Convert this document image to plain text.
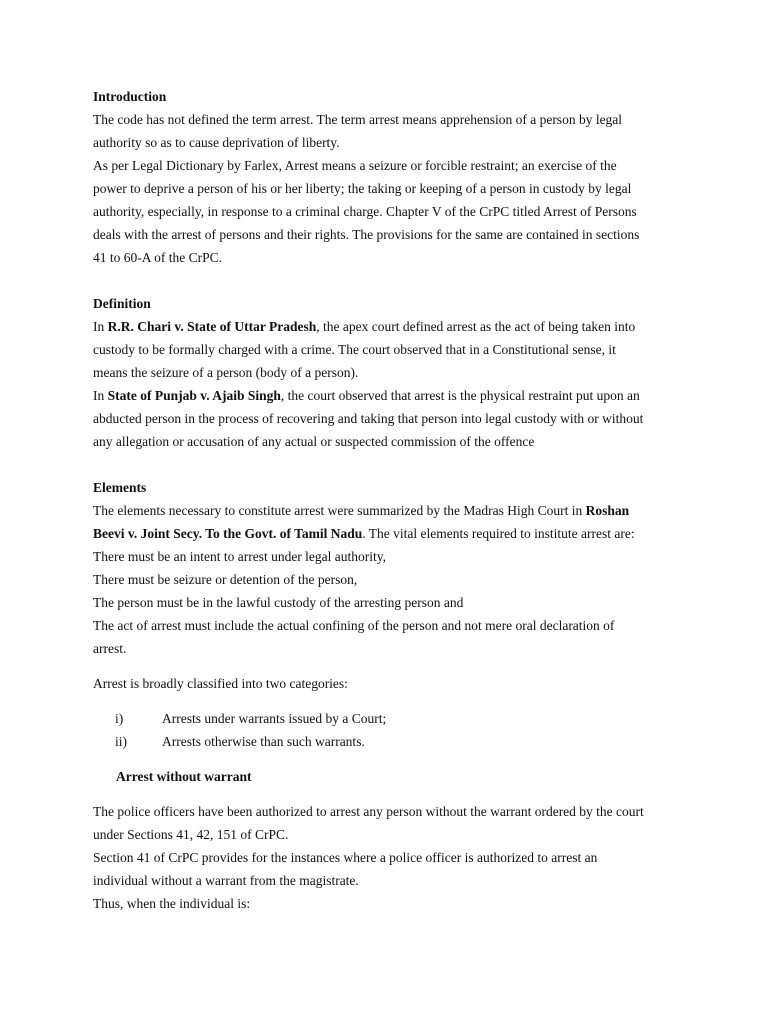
Introduction
The code has not defined the term arrest. The term arrest means apprehension of a person by legal
authority so as to cause deprivation of liberty.
As per Legal Dictionary by Farlex, Arrest means a seizure or forcible restraint; an exercise of the
power to deprive a person of his or her liberty; the taking or keeping of a person in custody by legal
authority, especially, in response to a criminal charge. Chapter V of the CrPC titled Arrest of Persons
deals with the arrest of persons and their rights. The provisions for the same are contained in sections
41 to 60-A of the CrPC.
Definition
In R.R. Chari v. State of Uttar Pradesh, the apex court defined arrest as the act of being taken into
custody to be formally charged with a crime. The court observed that in a Constitutional sense, it
means the seizure of a person (body of a person).
In State of Punjab v. Ajaib Singh, the court observed that arrest is the physical restraint put upon an
abducted person in the process of recovering and taking that person into legal custody with or without
any allegation or accusation of any actual or suspected commission of the offence
Elements
The elements necessary to constitute arrest were summarized by the Madras High Court in Roshan
Beevi v. Joint Secy. To the Govt. of Tamil Nadu. The vital elements required to institute arrest are:
There must be an intent to arrest under legal authority,
There must be seizure or detention of the person,
The person must be in the lawful custody of the arresting person and
The act of arrest must include the actual confining of the person and not mere oral declaration of
arrest.
Arrest is broadly classified into two categories:
i)	Arrests under warrants issued by a Court;
ii)	Arrests otherwise than such warrants.
Arrest without warrant
The police officers have been authorized to arrest any person without the warrant ordered by the court
under Sections 41, 42, 151 of CrPC.
Section 41 of CrPC provides for the instances where a police officer is authorized to arrest an
individual without a warrant from the magistrate.
Thus, when the individual is:
